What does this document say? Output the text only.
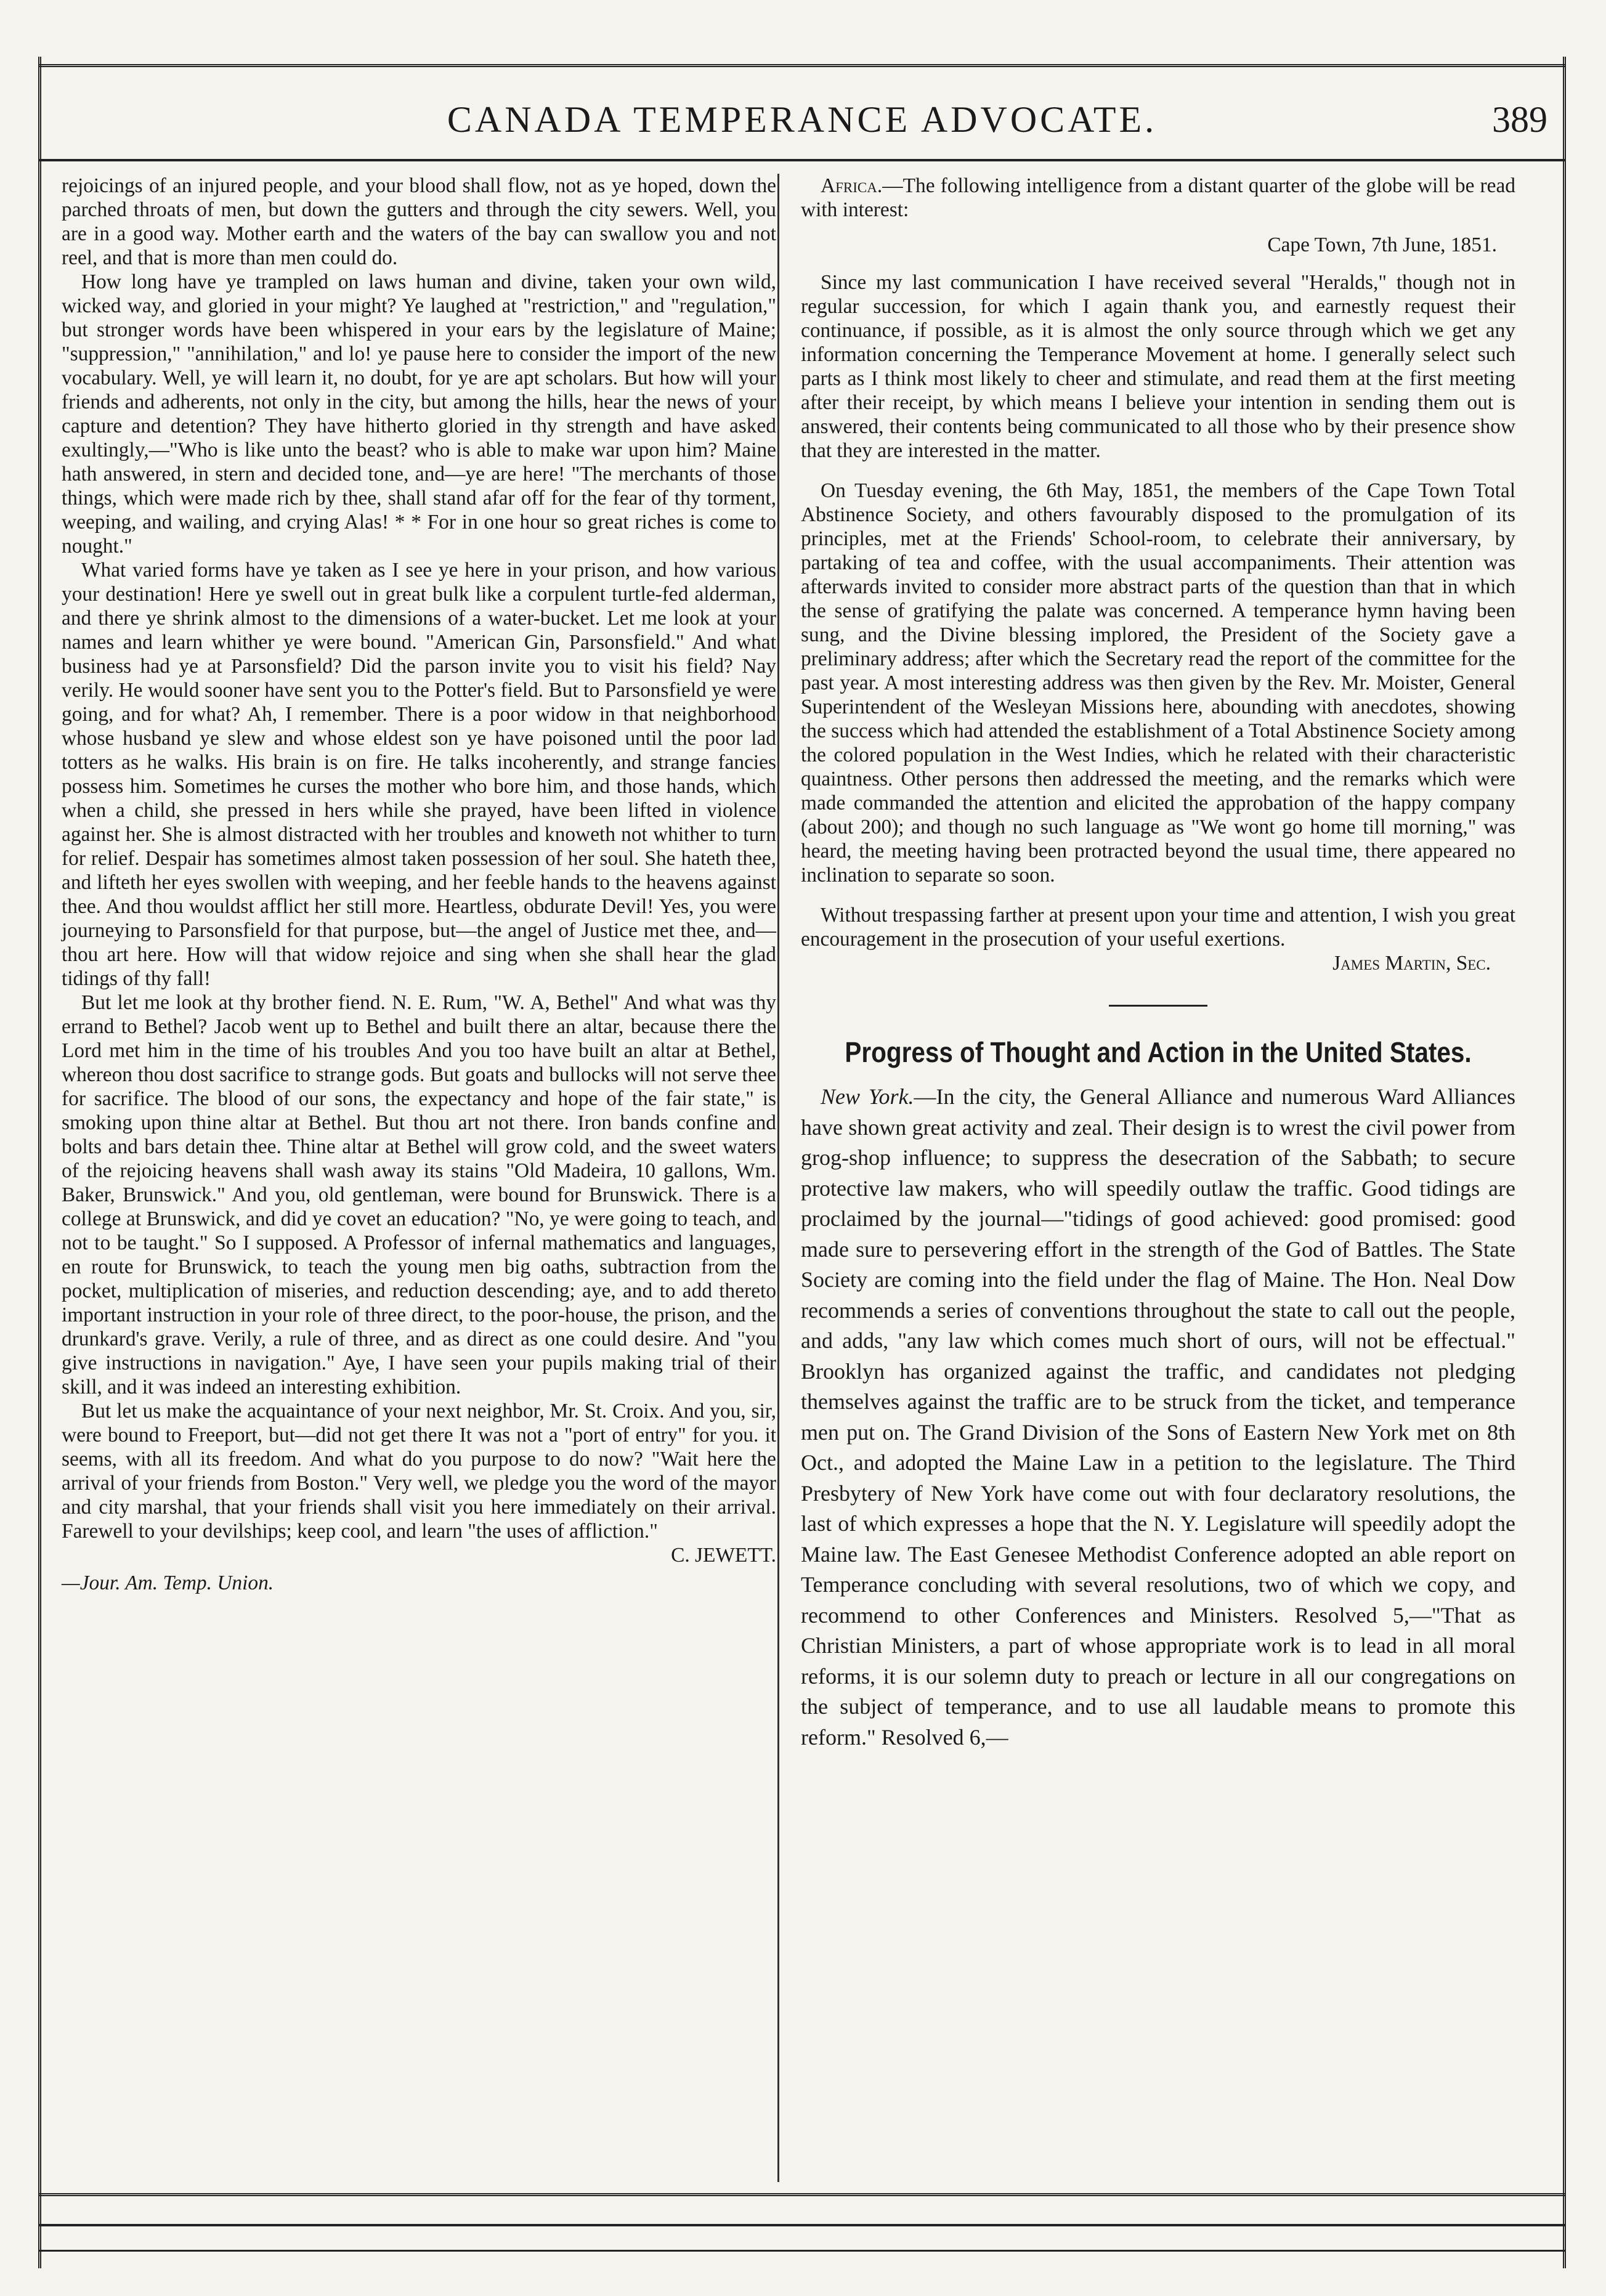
CANADA TEMPERANCE ADVOCATE.	389

rejoicings of an injured people, and your blood shall flow, not as ye hoped, down the parched throats of men, but down the gutters and through the city sewers. Well, you are in a good way. Mother earth and the waters of the bay can swallow you and not reel, and that is more than men could do.

How long have ye trampled on laws human and divine, taken your own wild, wicked way, and gloried in your might? Ye laughed at "restriction," and "regulation," but stronger words have been whispered in your ears by the legislature of Maine; "suppression," "annihilation," and lo! ye pause here to consider the import of the new vocabulary. Well, ye will learn it, no doubt, for ye are apt scholars. But how will your friends and adherents, not only in the city, but among the hills, hear the news of your capture and detention? They have hitherto gloried in thy strength and have asked exultingly,—"Who is like unto the beast? who is able to make war upon him? Maine hath answered, in stern and decided tone, and—ye are here! "The merchants of those things, which were made rich by thee, shall stand afar off for the fear of thy torment, weeping, and wailing, and crying Alas! * * For in one hour so great riches is come to nought."

What varied forms have ye taken as I see ye here in your prison, and how various your destination! Here ye swell out in great bulk like a corpulent turtle-fed alderman, and there ye shrink almost to the dimensions of a water-bucket. Let me look at your names and learn whither ye were bound. "American Gin, Parsonsfield." And what business had ye at Parsonsfield? Did the parson invite you to visit his field? Nay verily. He would sooner have sent you to the Potter's field. But to Parsonsfield ye were going, and for what? Ah, I remember. There is a poor widow in that neighborhood whose husband ye slew and whose eldest son ye have poisoned until the poor lad totters as he walks. His brain is on fire. He talks incoherently, and strange fancies possess him. Sometimes he curses the mother who bore him, and those hands, which when a child, she pressed in hers while she prayed, have been lifted in violence against her. She is almost distracted with her troubles and knoweth not whither to turn for relief. Despair has sometimes almost taken possession of her soul. She hateth thee, and lifteth her eyes swollen with weeping, and her feeble hands to the heavens against thee. And thou wouldst afflict her still more. Heartless, obdurate Devil! Yes, you were journeying to Parsonsfield for that purpose, but—the angel of Justice met thee, and—thou art here. How will that widow rejoice and sing when she shall hear the glad tidings of thy fall!

But let me look at thy brother fiend. N. E. Rum, "W. A, Bethel" And what was thy errand to Bethel? Jacob went up to Bethel and built there an altar, because there the Lord met him in the time of his troubles And you too have built an altar at Bethel, whereon thou dost sacrifice to strange gods. But goats and bullocks will not serve thee for sacrifice. The blood of our sons, the expectancy and hope of the fair state," is smoking upon thine altar at Bethel. But thou art not there. Iron bands confine and bolts and bars detain thee. Thine altar at Bethel will grow cold, and the sweet waters of the rejoicing heavens shall wash away its stains "Old Madeira, 10 gallons, Wm. Baker, Brunswick." And you, old gentleman, were bound for Brunswick. There is a college at Brunswick, and did ye covet an education? "No, ye were going to teach, and not to be taught." So I supposed. A Professor of infernal mathematics and languages, en route for Brunswick, to teach the young men big oaths, subtraction from the pocket, multiplication of miseries, and reduction descending; aye, and to add thereto important instruction in your role of three direct, to the poor-house, the prison, and the drunkard's grave. Verily, a rule of three, and as direct as one could desire. And "you give instructions in navigation." Aye, I have seen your pupils making trial of their skill, and it was indeed an interesting exhibition.

But let us make the acquaintance of your next neighbor, Mr. St. Croix. And you, sir, were bound to Freeport, but—did not get there It was not a "port of entry" for you. it seems, with all its freedom. And what do you purpose to do now? "Wait here the arrival of your friends from Boston." Very well, we pledge you the word of the mayor and city marshal, that your friends shall visit you here immediately on their arrival. Farewell to your devilships; keep cool, and learn "the uses of affliction."

C. JEWETT.
—Jour. Am. Temp. Union.

Africa.—The following intelligence from a distant quarter of the globe will be read with interest:

Cape Town, 7th June, 1851.

Since my last communication I have received several "Heralds," though not in regular succession, for which I again thank you, and earnestly request their continuance, if possible, as it is almost the only source through which we get any information concerning the Temperance Movement at home. I generally select such parts as I think most likely to cheer and stimulate, and read them at the first meeting after their receipt, by which means I believe your intention in sending them out is answered, their contents being communicated to all those who by their presence show that they are interested in the matter.

On Tuesday evening, the 6th May, 1851, the members of the Cape Town Total Abstinence Society, and others favourably disposed to the promulgation of its principles, met at the Friends' School-room, to celebrate their anniversary, by partaking of tea and coffee, with the usual accompaniments. Their attention was afterwards invited to consider more abstract parts of the question than that in which the sense of gratifying the palate was concerned. A temperance hymn having been sung, and the Divine blessing implored, the President of the Society gave a preliminary address; after which the Secretary read the report of the committee for the past year. A most interesting address was then given by the Rev. Mr. Moister, General Superintendent of the Wesleyan Missions here, abounding with anecdotes, showing the success which had attended the establishment of a Total Abstinence Society among the colored population in the West Indies, which he related with their characteristic quaintness. Other persons then addressed the meeting, and the remarks which were made commanded the attention and elicited the approbation of the happy company (about 200); and though no such language as "We wont go home till morning," was heard, the meeting having been protracted beyond the usual time, there appeared no inclination to separate so soon.

Without trespassing farther at present upon your time and attention, I wish you great encouragement in the prosecution of your useful exertions.

James Martin, Sec.
Progress of Thought and Action in the United States.

New York.—In the city, the General Alliance and numerous Ward Alliances have shown great activity and zeal. Their design is to wrest the civil power from grog-shop influence; to suppress the desecration of the Sabbath; to secure protective law makers, who will speedily outlaw the traffic. Good tidings are proclaimed by the journal—"tidings of good achieved: good promised: good made sure to persevering effort in the strength of the God of Battles. The State Society are coming into the field under the flag of Maine. The Hon. Neal Dow recommends a series of conventions throughout the state to call out the people, and adds, "any law which comes much short of ours, will not be effectual." Brooklyn has organized against the traffic, and candidates not pledging themselves against the traffic are to be struck from the ticket, and temperance men put on. The Grand Division of the Sons of Eastern New York met on 8th Oct., and adopted the Maine Law in a petition to the legislature. The Third Presbytery of New York have come out with four declaratory resolutions, the last of which expresses a hope that the N. Y. Legislature will speedily adopt the Maine law. The East Genesee Methodist Conference adopted an able report on Temperance concluding with several resolutions, two of which we copy, and recommend to other Conferences and Ministers. Resolved 5,—"That as Christian Ministers, a part of whose appropriate work is to lead in all moral reforms, it is our solemn duty to preach or lecture in all our congregations on the subject of temperance, and to use all laudable means to promote this reform." Resolved 6,—
